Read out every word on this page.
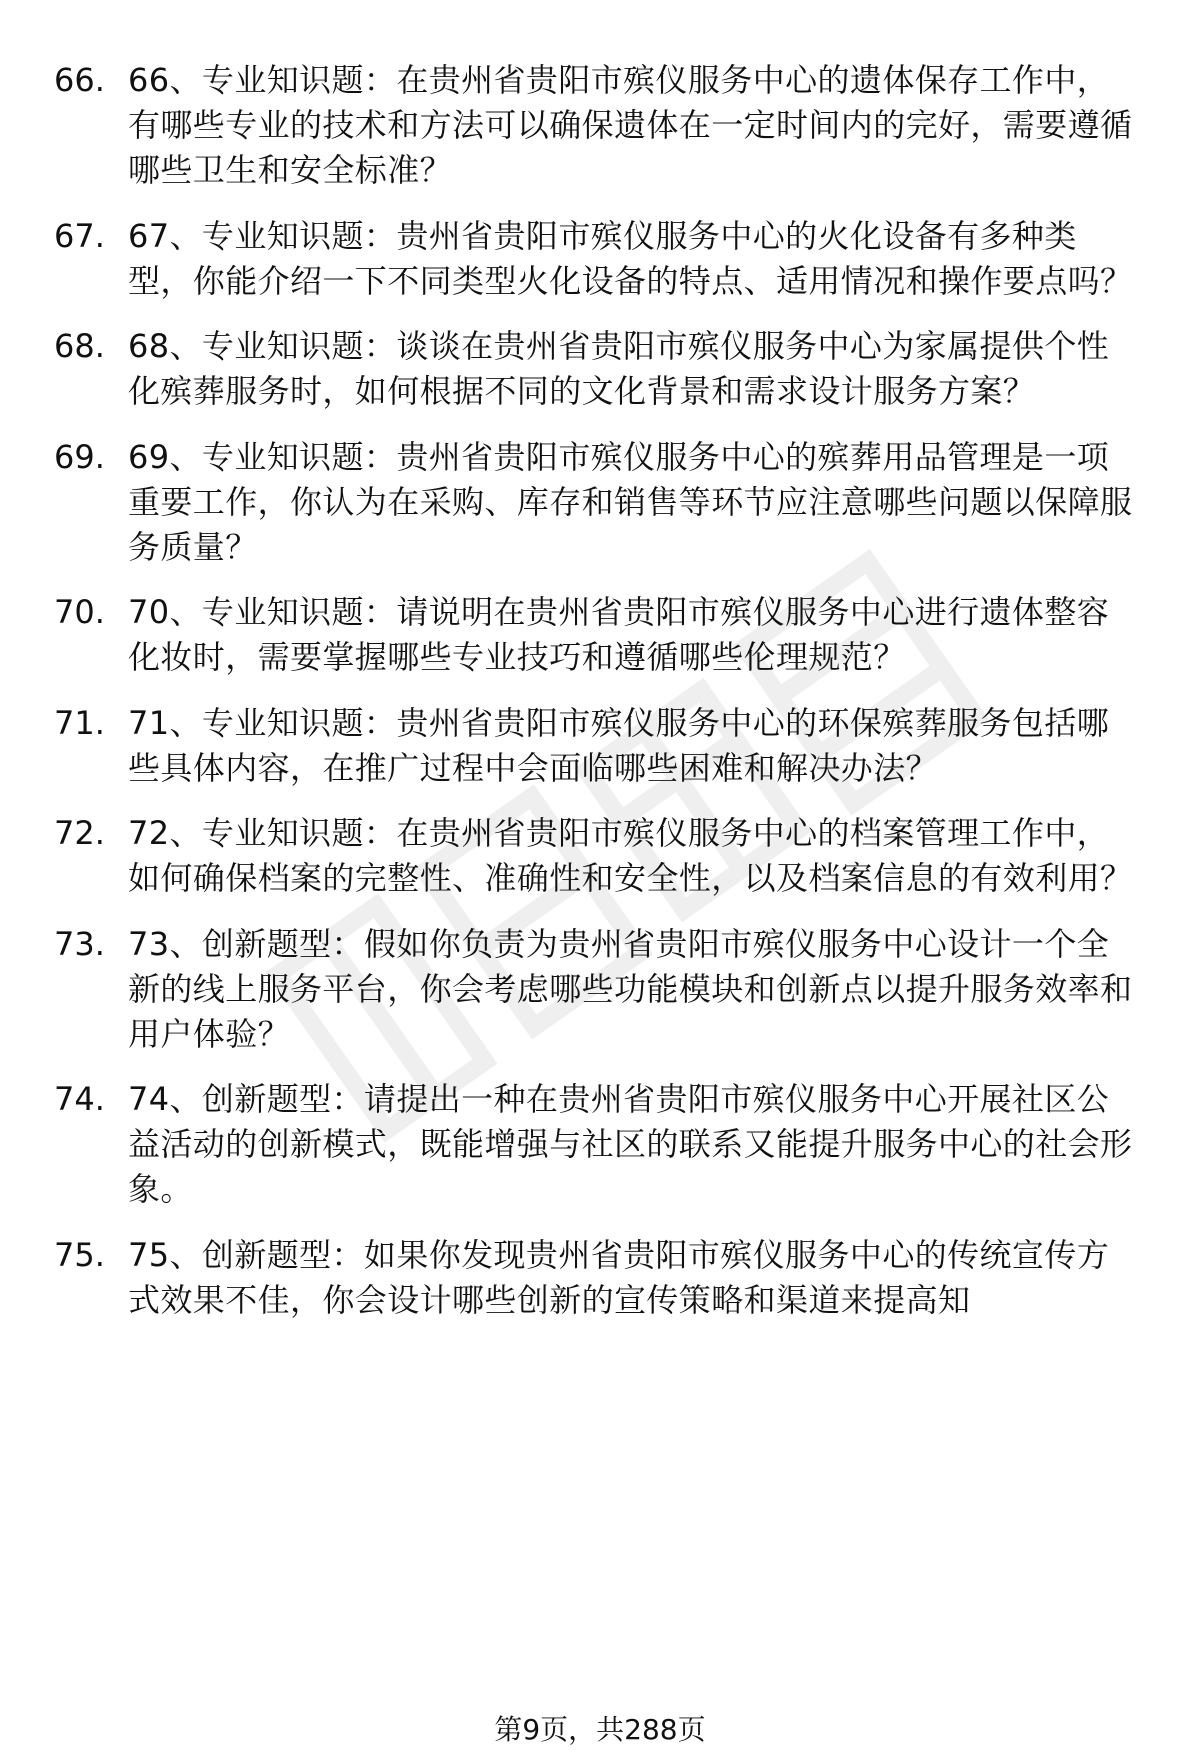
66. 66、专业知识题：在贵州省贵阳市殡仪服务中心的遗体保存工作中，有哪些专业的技术和方法可以确保遗体在一定时间内的完好，需要遵循哪些卫生和安全标准？
67. 67、专业知识题：贵州省贵阳市殡仪服务中心的火化设备有多种类型，你能介绍一下不同类型火化设备的特点、适用情况和操作要点吗？
68. 68、专业知识题：谈谈在贵州省贵阳市殡仪服务中心为家属提供个性化殡葬服务时，如何根据不同的文化背景和需求设计服务方案？
69. 69、专业知识题：贵州省贵阳市殡仪服务中心的殡葬用品管理是一项重要工作，你认为在采购、库存和销售等环节应注意哪些问题以保障服务质量？
70. 70、专业知识题：请说明在贵州省贵阳市殡仪服务中心进行遗体整容化妆时，需要掌握哪些专业技巧和遵循哪些伦理规范？
71. 71、专业知识题：贵州省贵阳市殡仪服务中心的环保殡葬服务包括哪些具体内容，在推广过程中会面临哪些困难和解决办法？
72. 72、专业知识题：在贵州省贵阳市殡仪服务中心的档案管理工作中，如何确保档案的完整性、准确性和安全性，以及档案信息的有效利用？
73. 73、创新题型：假如你负责为贵州省贵阳市殡仪服务中心设计一个全新的线上服务平台，你会考虑哪些功能模块和创新点以提升服务效率和用户体验？
74. 74、创新题型：请提出一种在贵州省贵阳市殡仪服务中心开展社区公益活动的创新模式，既能增强与社区的联系又能提升服务中心的社会形象。
75. 75、创新题型：如果你发现贵州省贵阳市殡仪服务中心的传统宣传方式效果不佳，你会设计哪些创新的宣传策略和渠道来提高知
第9页，共288页
